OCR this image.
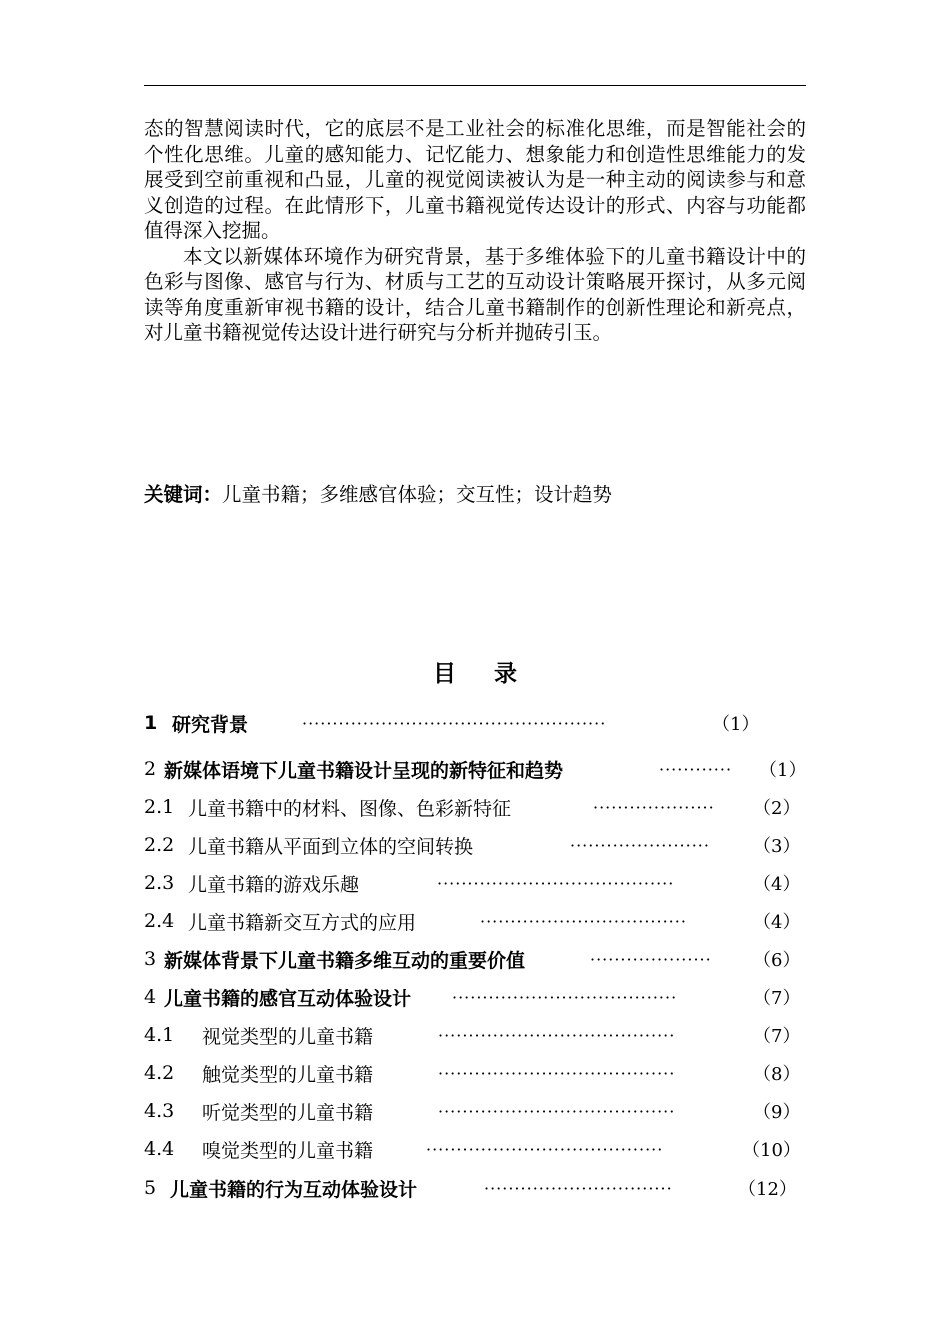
态的智慧阅读时代，它的底层不是工业社会的标准化思维，而是智能社会的个性化思维。儿童的感知能力、记忆能力、想象能力和创造性思维能力的发展受到空前重视和凸显，儿童的视觉阅读被认为是一种主动的阅读参与和意义创造的过程。在此情形下，儿童书籍视觉传达设计的形式、内容与功能都值得深入挖掘。

本文以新媒体环境作为研究背景，基于多维体验下的儿童书籍设计中的色彩与图像、感官与行为、材质与工艺的互动设计策略展开探讨，从多元阅读等角度重新审视书籍的设计，结合儿童书籍制作的创新性理论和新亮点，对儿童书籍视觉传达设计进行研究与分析并抛砖引玉。

关键词：儿童书籍；多维感官体验；交互性；设计趋势
目录
1 研究背景	··················································	（1）
2 新媒体语境下儿童书籍设计呈现的新特征和趋势	············	（1）
2.1 儿童书籍中的材料、图像、色彩新特征	····················	（2）
2.2 儿童书籍从平面到立体的空间转换	·······················	（3）
2.3 儿童书籍的游戏乐趣	·······································	（4）
2.4 儿童书籍新交互方式的应用	··································	（4）
3 新媒体背景下儿童书籍多维互动的重要价值	····················	（6）
4 儿童书籍的感官互动体验设计	·····································	（7）
4.1	视觉类型的儿童书籍	·······································	（7）
4.2	触觉类型的儿童书籍	·······································	（8）
4.3	听觉类型的儿童书籍	·······································	（9）
4.4	嗅觉类型的儿童书籍	·······································	（10）
5 儿童书籍的行为互动体验设计	·······························	（12）
